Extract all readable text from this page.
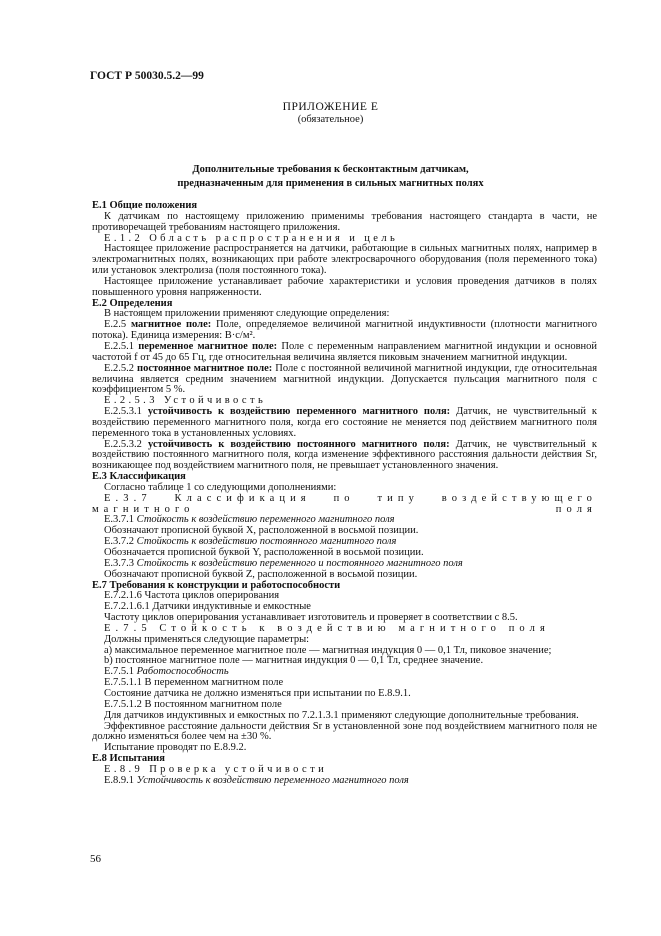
ГОСТ Р 50030.5.2—99
ПРИЛОЖЕНИЕ Е
(обязательное)
Дополнительные требования к бесконтактным датчикам,
предназначенным для применения в сильных магнитных полях

Е.1 Общие положения

К датчикам по настоящему приложению применимы требования настоящего стандарта в части, не противоречащей требованиям настоящего приложения.

Е.1.2 Область распространения и цель

Настоящее приложение распространяется на датчики, работающие в сильных магнитных полях, например в электромагнитных полях, возникающих при работе электросварочного оборудования (поля переменного тока) или установок электролиза (поля постоянного тока).

Настоящее приложение устанавливает рабочие характеристики и условия проведения датчиков в полях повышенного уровня напряженности.

Е.2 Определения

В настоящем приложении применяют следующие определения:

Е.2.5 магнитное поле: Поле, определяемое величиной магнитной индуктивности (плотности магнитного потока). Единица измерения: В·с/м².

Е.2.5.1 переменное магнитное поле: Поле с переменным направлением магнитной индукции и основной частотой f от 45 до 65 Гц, где относительная величина является пиковым значением магнитной индукции.

Е.2.5.2 постоянное магнитное поле: Поле с постоянной величиной магнитной индукции, где относительная величина является средним значением магнитной индукции. Допускается пульсация магнитного поля с коэффициентом 5 %.

Е.2.5.3 Устойчивость

Е.2.5.3.1 устойчивость к воздействию переменного магнитного поля: Датчик, не чувствительный к воздействию переменного магнитного поля, когда его состояние не меняется под действием магнитного поля переменного тока в установленных условиях.

Е.2.5.3.2 устойчивость к воздействию постоянного магнитного поля: Датчик, не чувствительный к воздействию постоянного магнитного поля, когда изменение эффективного расстояния дальности действия Sr, возникающее под воздействием магнитного поля, не превышает установленного значения.

Е.3 Классификация

Согласно таблице 1 со следующими дополнениями:

Е.3.7 Классификация по типу воздействующего магнитного поля

Е.3.7.1 Стойкость к воздействию переменного магнитного поля

Обозначают прописной буквой X, расположенной в восьмой позиции.

Е.3.7.2 Стойкость к воздействию постоянного магнитного поля

Обозначается прописной буквой Y, расположенной в восьмой позиции.

Е.3.7.3 Стойкость к воздействию переменного и постоянного магнитного поля

Обозначают прописной буквой Z, расположенной в восьмой позиции.

Е.7 Требования к конструкции и работоспособности

Е.7.2.1.6 Частота циклов оперирования

Е.7.2.1.6.1 Датчики индуктивные и емкостные

Частоту циклов оперирования устанавливает изготовитель и проверяет в соответствии с 8.5.

Е.7.5 Стойкость к воздействию магнитного поля

Должны применяться следующие параметры:

a) максимальное переменное магнитное поле — магнитная индукция 0 — 0,1 Тл, пиковое значение;

b) постоянное магнитное поле — магнитная индукция 0 — 0,1 Тл, среднее значение.

Е.7.5.1 Работоспособность

Е.7.5.1.1 В переменном магнитном поле

Состояние датчика не должно изменяться при испытании по Е.8.9.1.

Е.7.5.1.2 В постоянном магнитном поле

Для датчиков индуктивных и емкостных по 7.2.1.3.1 применяют следующие дополнительные требования.

Эффективное расстояние дальности действия Sr в установленной зоне под воздействием магнитного поля не должно изменяться более чем на ±30 %.

Испытание проводят по Е.8.9.2.

Е.8 Испытания

Е.8.9 Проверка устойчивости

Е.8.9.1 Устойчивость к воздействию переменного магнитного поля

56
